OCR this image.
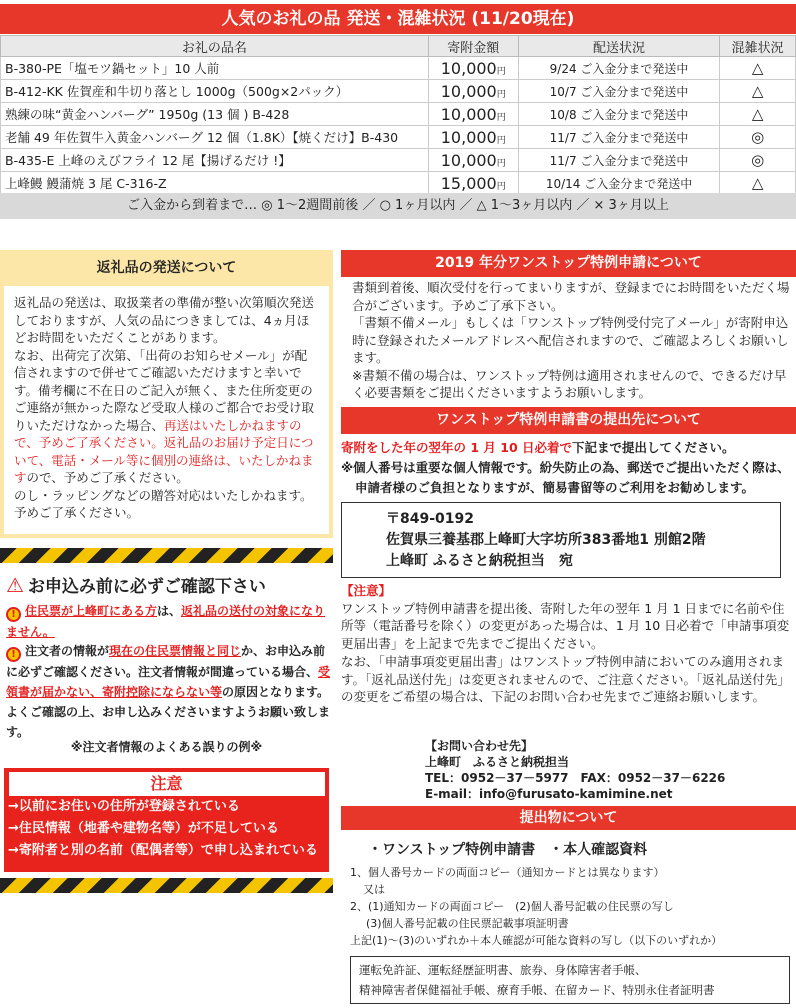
人気のお礼の品 発送・混雑状況 (11/20現在)
お礼の品名	寄附金額	配送状況	混雑状況
B-380-PE「塩モツ鍋セット」10 人前	10,000円	9/24 ご入金分まで発送中	△
B-412-KK 佐賀産和牛切り落とし 1000g（500g×2パック）	10,000円	10/7 ご入金分まで発送中	△
熟練の味“黄金ハンバーグ” 1950g (13 個 ) B-428	10,000円	10/8 ご入金分まで発送中	△
老舗 49 年佐賀牛入黄金ハンバーグ 12 個（1.8K）【焼くだけ】B-430	10,000円	11/7 ご入金分まで発送中	◎
B-435-E 上峰のえびフライ 12 尾【揚げるだけ !】	10,000円	11/7 ご入金分まで発送中	◎
上峰鰻 鰻蒲焼 3 尾 C-316-Z	15,000円	10/14 ご入金分まで発送中	△
ご入金から到着まで… ◎ 1～2週間前後 ／ ○ 1ヶ月以内 ／ △ 1～3ヶ月以内 ／ × 3ヶ月以上
返礼品の発送について

返礼品の発送は、取扱業者の準備が整い次第順次発送しておりますが、人気の品につきましては、4ヵ月ほどお時間をいただくことがあります。

なお、出荷完了次第、「出荷のお知らせメール」が配信されますので併せてご確認いただけますと幸いです。備考欄に不在日のご記入が無く、また住所変更のご連絡が無かった際など受取人様のご都合でお受け取りいただけなかった場合、再送はいたしかねますので、予めご了承ください。返礼品のお届け予定日について、電話・メール等に個別の連絡は、いたしかねますので、予めご了承ください。

のし・ラッピングなどの贈答対応はいたしかねます。予めご了承ください。

⚠ お申込み前に必ずご確認下さい
! 住民票が上峰町にある方は、返礼品の送付の対象になりません。
! 注文者の情報が現在の住民票情報と同じか、お申込み前に必ずご確認ください。注文者情報が間違っている場合、受領書が届かない、寄附控除にならない等の原因となります。よくご確認の上、お申し込みくださいますようお願い致します。
※注文者情報のよくある誤りの例※
注意
→以前にお住いの住所が登録されている
→住民情報（地番や建物名等）が不足している
→寄附者と別の名前（配偶者等）で申し込まれている
2019 年分ワンストップ特例申請について

書類到着後、順次受付を行ってまいりますが、登録までにお時間をいただく場合がございます。予めご了承下さい。

「書類不備メール」もしくは「ワンストップ特例受付完了メール」が寄附申込時に登録されたメールアドレスへ配信されますので、ご確認よろしくお願いします。

※書類不備の場合は、ワンストップ特例は適用されませんので、できるだけ早く必要書類をご提出くださいますようお願いします。

ワンストップ特例申請書の提出先について
寄附をした年の翌年の 1 月 10 日必着で下記まで提出してください。
※個人番号は重要な個人情報です。紛失防止の為、郵送でご提出いただく際は、申請者様のご負担となりますが、簡易書留等のご利用をお勧めします。
〒849-0192
佐賀県三養基郡上峰町大字坊所383番地1 別館2階
上峰町 ふるさと納税担当　宛
【注意】

ワンストップ特例申請書を提出後、寄附した年の翌年 1 月 1 日までに名前や住所等（電話番号を除く）の変更があった場合は、1 月 10 日必着で「申請事項変更届出書」を上記まで先までご提出ください。

なお、「申請事項変更届出書」はワンストップ特例申請においてのみ適用されます。「返礼品送付先」は変更されませんので、ご注意ください。「返礼品送付先」の変更をご希望の場合は、下記のお問い合わせ先までご連絡お願いします。

【お問い合わせ先】
上峰町　ふるさと納税担当
TEL：0952－37－5977　FAX：0952－37－6226
E-mail：info@furusato-kamimine.net
提出物について
・ワンストップ特例申請書　・本人確認資料
1、個人番号カードの両面コピー（通知カードとは異なります）
又は
2、(1)通知カードの両面コピー　(2)個人番号記載の住民票の写し
(3)個人番号記載の住民票記載事項証明書
上記(1)～(3)のいずれか＋本人確認が可能な資料の写し（以下のいずれか）
運転免許証、運転経歴証明書、旅券、身体障害者手帳、
精神障害者保健福祉手帳、療育手帳、在留カード、特別永住者証明書
